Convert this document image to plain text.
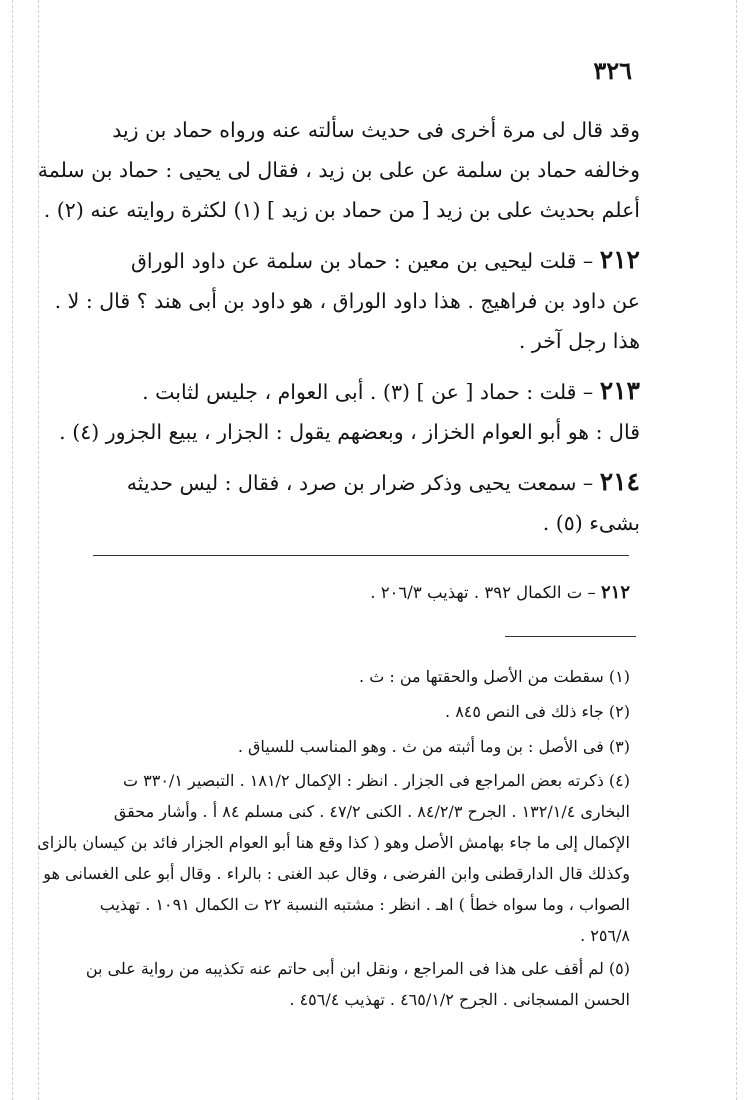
٣٢٦

وقد قال لى مرة أخرى فى حديث سألته عنه ورواه حماد بن زيد
وخالفه حماد بن سلمة عن على بن زيد ، فقال لى يحيى : حماد بن سلمة
أعلم بحديث على بن زيد [ من حماد بن زيد ] (١) لكثرة روايته عنه (٢) .

٢١٢ – قلت ليحيى بن معين : حماد بن سلمة عن داود الوراق
عن داود بن فراهيج . هذا داود الوراق ، هو داود بن أبى هند ؟ قال : لا .
هذا رجل آخر .

٢١٣ – قلت : حماد [ عن ] (٣) . أبى العوام ، جليس لثابت .
قال : هو أبو العوام الخزاز ، وبعضهم يقول : الجزار ، يبيع الجزور (٤) .

٢١٤ – سمعت يحيى وذكر ضرار بن صرد ، فقال : ليس حديثه
بشىء (٥) .

٢١٢ – ت الكمال ٣٩٢ . تهذيب ٢٠٦/٣ .

(١) سقطت من الأصل والحقتها من : ث .

(٢) جاء ذلك فى النص ٨٤٥ .

(٣) فى الأصل : بن وما أثبته من ث . وهو المناسب للسياق .

(٤) ذكرته بعض المراجع فى الجزار . انظر : الإكمال ١٨١/٢ . التبصير ٣٣٠/١ ت
البخارى ١٣٢/١/٤ . الجرح ٨٤/٢/٣ . الكنى ٤٧/٢ . كنى مسلم ٨٤ أ . وأشار محقق
الإكمال إلى ما جاء بهامش الأصل وهو ( كذا وقع هنا أبو العوام الجزار فائد بن كيسان بالزاى
وكذلك قال الدارقطنى وابن الفرضى ، وقال عبد الغنى : بالراء . وقال أبو على الغسانى هو
الصواب ، وما سواه خطأ ) اهـ . انظر : مشتبه النسبة ٢٢ ت الكمال ١٠٩١ . تهذيب
٢٥٦/٨ .

(٥) لم أقف على هذا فى المراجع ، ونقل ابن أبى حاتم عنه تكذيبه من رواية على بن
الحسن المسجانى . الجرح ٤٦٥/١/٢ . تهذيب ٤٥٦/٤ .
